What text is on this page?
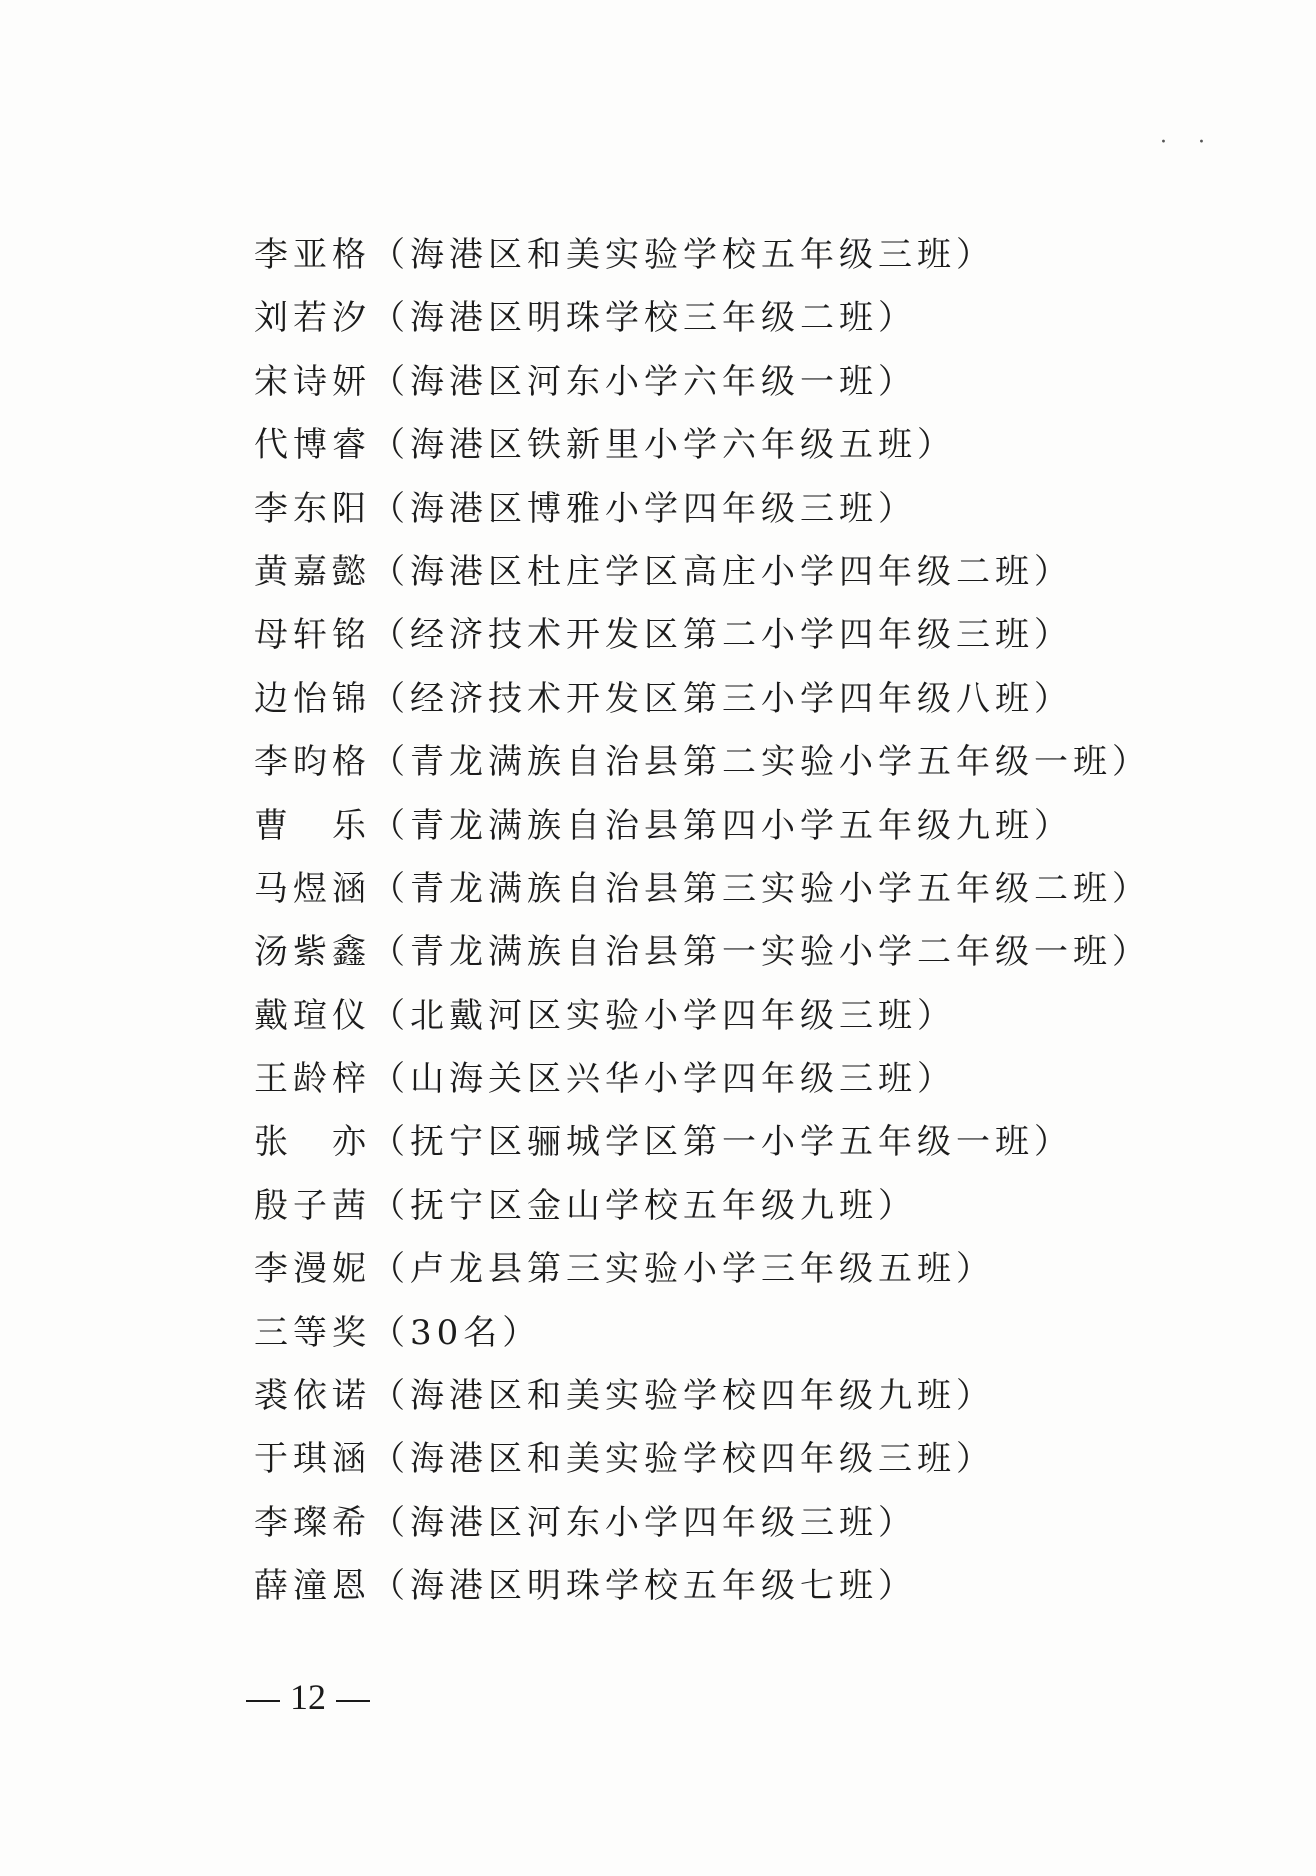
· ·
李亚格（海港区和美实验学校五年级三班）
刘若汐（海港区明珠学校三年级二班）
宋诗妍（海港区河东小学六年级一班）
代博睿（海港区铁新里小学六年级五班）
李东阳（海港区博雅小学四年级三班）
黄嘉懿（海港区杜庄学区高庄小学四年级二班）
母轩铭（经济技术开发区第二小学四年级三班）
边怡锦（经济技术开发区第三小学四年级八班）
李昀格（青龙满族自治县第二实验小学五年级一班）
曹　乐（青龙满族自治县第四小学五年级九班）
马煜涵（青龙满族自治县第三实验小学五年级二班）
汤紫鑫（青龙满族自治县第一实验小学二年级一班）
戴瑄仪（北戴河区实验小学四年级三班）
王龄梓（山海关区兴华小学四年级三班）
张　亦（抚宁区骊城学区第一小学五年级一班）
殷子茜（抚宁区金山学校五年级九班）
李漫妮（卢龙县第三实验小学三年级五班）
三等奖（30名）
裘依诺（海港区和美实验学校四年级九班）
于琪涵（海港区和美实验学校四年级三班）
李璨希（海港区河东小学四年级三班）
薛潼恩（海港区明珠学校五年级七班）
12
